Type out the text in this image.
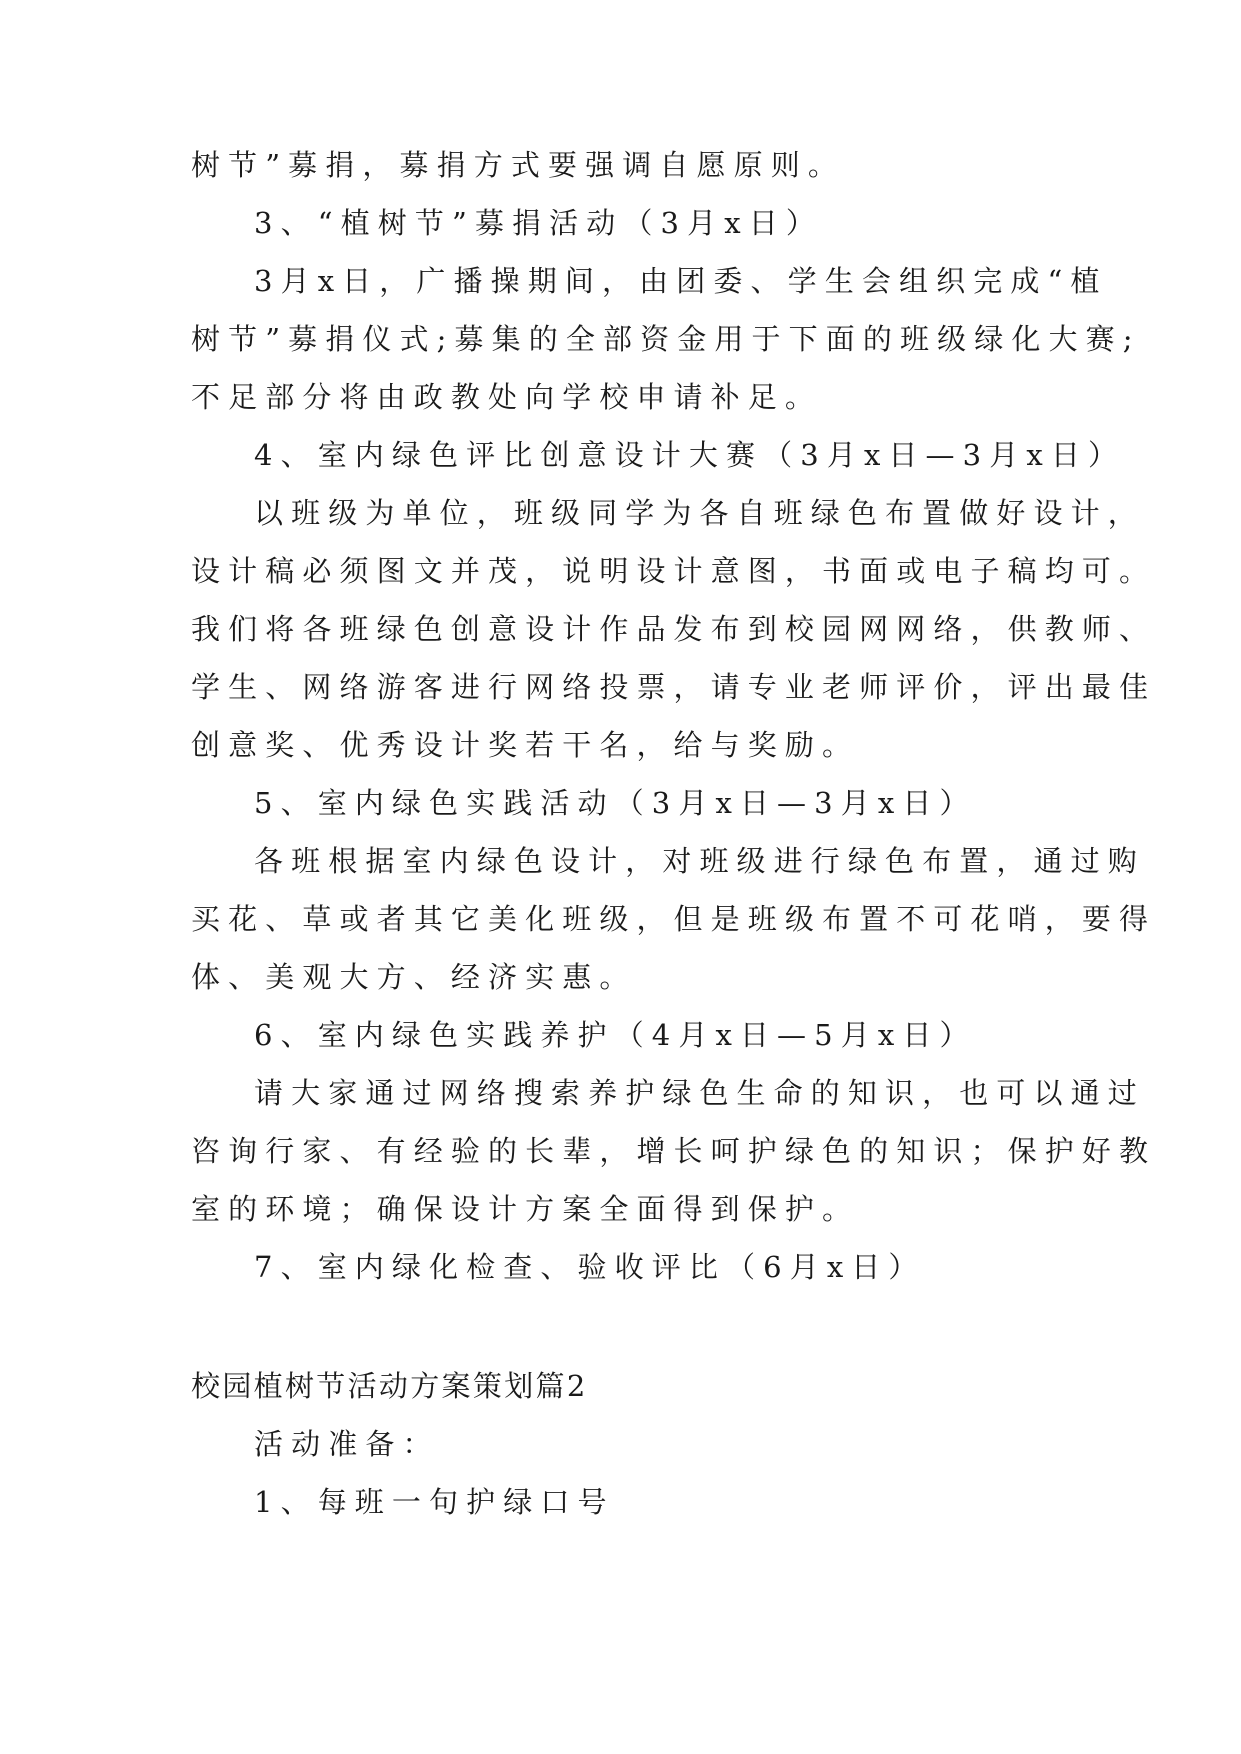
树节”募捐，募捐方式要强调自愿原则。
3、“植树节”募捐活动（3月x日）
3月x日，广播操期间，由团委、学生会组织完成“植
树节”募捐仪式;募集的全部资金用于下面的班级绿化大赛;
不足部分将由政教处向学校申请补足。
4、室内绿色评比创意设计大赛（3月x日—3月x日）
以班级为单位，班级同学为各自班绿色布置做好设计，
设计稿必须图文并茂，说明设计意图，书面或电子稿均可。
我们将各班绿色创意设计作品发布到校园网网络，供教师、
学生、网络游客进行网络投票，请专业老师评价，评出最佳
创意奖、优秀设计奖若干名，给与奖励。
5、室内绿色实践活动（3月x日—3月x日）
各班根据室内绿色设计，对班级进行绿色布置，通过购
买花、草或者其它美化班级，但是班级布置不可花哨，要得
体、美观大方、经济实惠。
6、室内绿色实践养护（4月x日—5月x日）
请大家通过网络搜索养护绿色生命的知识，也可以通过
咨询行家、有经验的长辈，增长呵护绿色的知识；保护好教
室的环境；确保设计方案全面得到保护。
7、室内绿化检查、验收评比（6月x日）
校园植树节活动方案策划篇2
活动准备：
1、每班一句护绿口号
